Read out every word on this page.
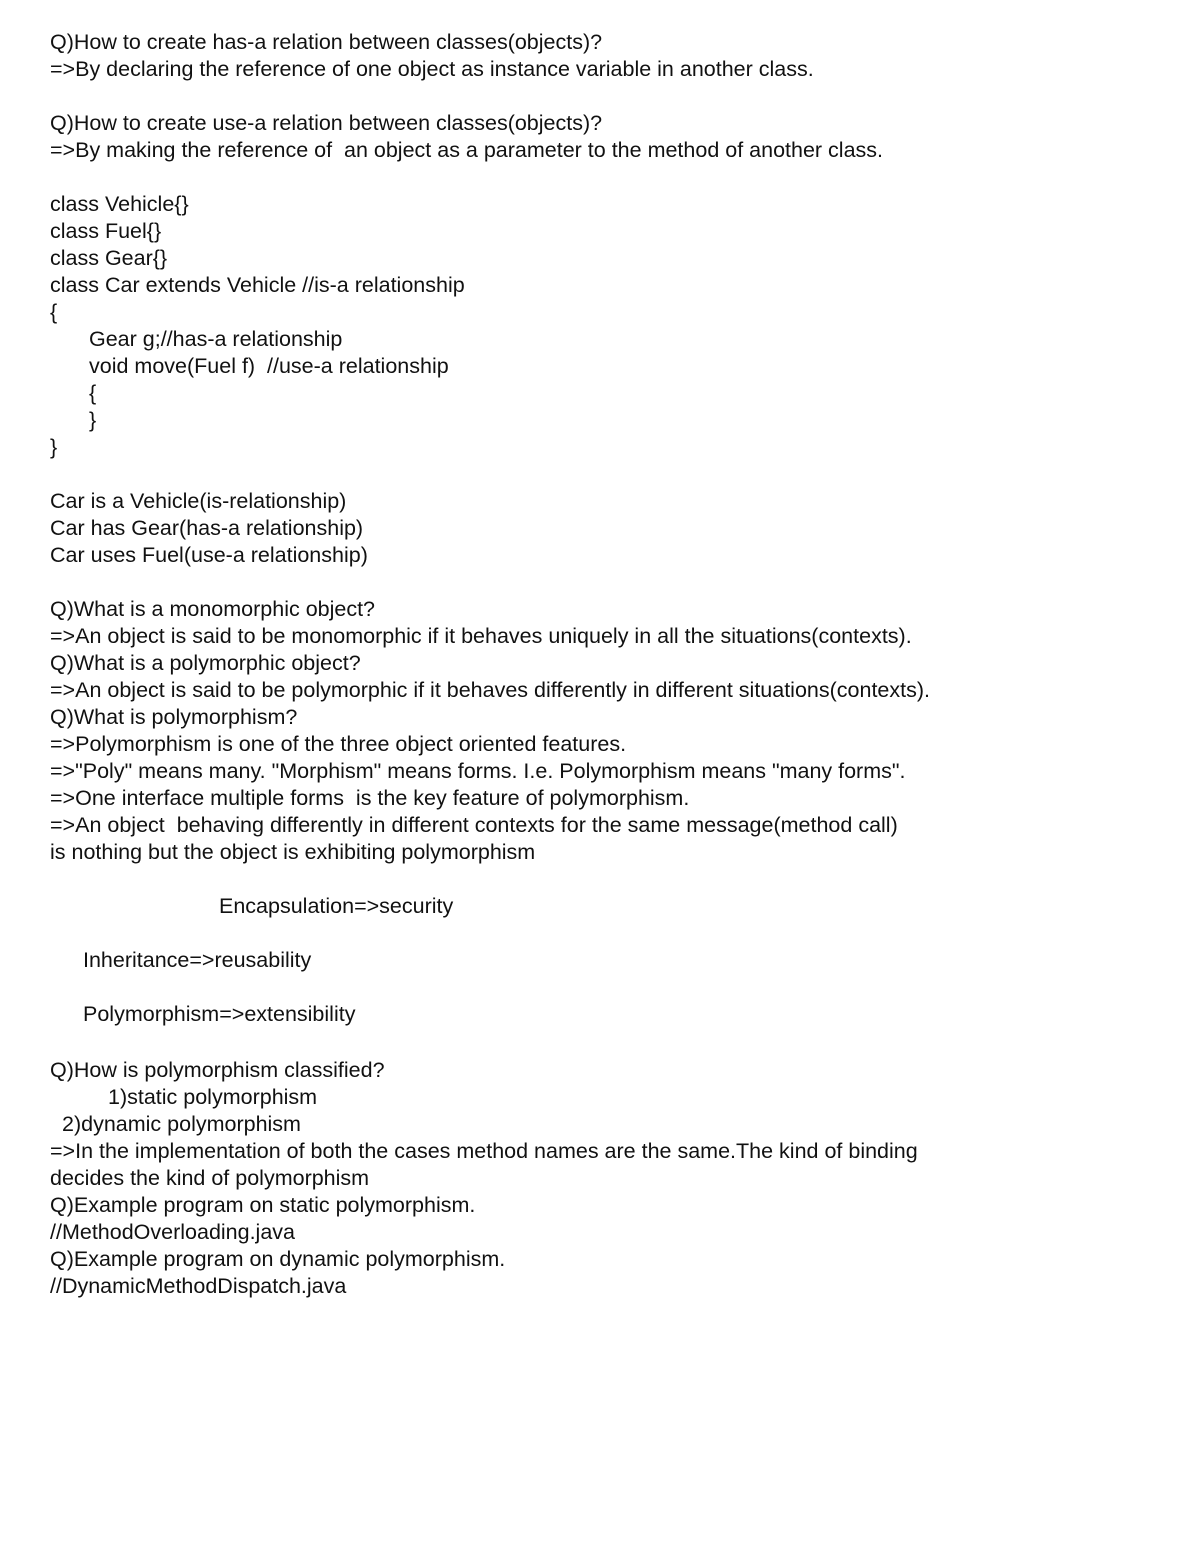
Q)How to create has-a relation between classes(objects)?

=>By declaring the reference of one object as instance variable in another class.

Q)How to create use-a relation between classes(objects)?

=>By making the reference of  an object as a parameter to the method of another class.

class Vehicle{}

class Fuel{}

class Gear{}

class Car extends Vehicle //is-a relationship

{

Gear g;//has-a relationship

void move(Fuel f)  //use-a relationship

{

}

}

Car is a Vehicle(is-relationship)

Car has Gear(has-a relationship)

Car uses Fuel(use-a relationship)

Q)What is a monomorphic object?

=>An object is said to be monomorphic if it behaves uniquely in all the situations(contexts).

Q)What is a polymorphic object?

=>An object is said to be polymorphic if it behaves differently in different situations(contexts).

Q)What is polymorphism?

=>Polymorphism is one of the three object oriented features.

=>"Poly" means many. "Morphism" means forms. I.e. Polymorphism means "many forms".

=>One interface multiple forms  is the key feature of polymorphism.

=>An object  behaving differently in different contexts for the same message(method call)

is nothing but the object is exhibiting polymorphism

Encapsulation=>security

Inheritance=>reusability

Polymorphism=>extensibility

Q)How is polymorphism classified?

1)static polymorphism

2)dynamic polymorphism

=>In the implementation of both the cases method names are the same.The kind of binding

decides the kind of polymorphism

Q)Example program on static polymorphism.

//MethodOverloading.java

Q)Example program on dynamic polymorphism.

//DynamicMethodDispatch.java
